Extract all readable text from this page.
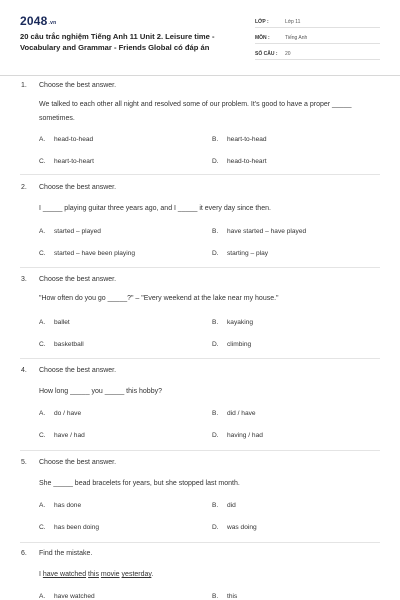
2048.vn
20 câu trắc nghiệm Tiếng Anh 11 Unit 2. Leisure time - Vocabulary and Grammar - Friends Global có đáp án
LỚP :	Lớp 11
MÔN :	Tiếng Anh
SỐ CÂU :	20
1. Choose the best answer.
We talked to each other all night and resolved some of our problem. It's good to have a proper _____ sometimes.
A. head-to-head	B. heart-to-head
C. heart-to-heart	D. head-to-heart
2. Choose the best answer.
I _____ playing guitar three years ago, and I _____ it every day since then.
A. started – played	B. have started – have played
C. started – have been playing	D. starting – play
3. Choose the best answer.
"How often do you go _____?" – "Every weekend at the lake near my house."
A. ballet	B. kayaking
C. basketball	D. climbing
4. Choose the best answer.
How long _____ you _____ this hobby?
A. do / have	B. did / have
C. have / had	D. having / had
5. Choose the best answer.
She _____ bead bracelets for years, but she stopped last month.
A. has done	B. did
C. has been doing	D. was doing
6. Find the mistake.
I have watched this movie yesterday.
A. have watched	B. this
